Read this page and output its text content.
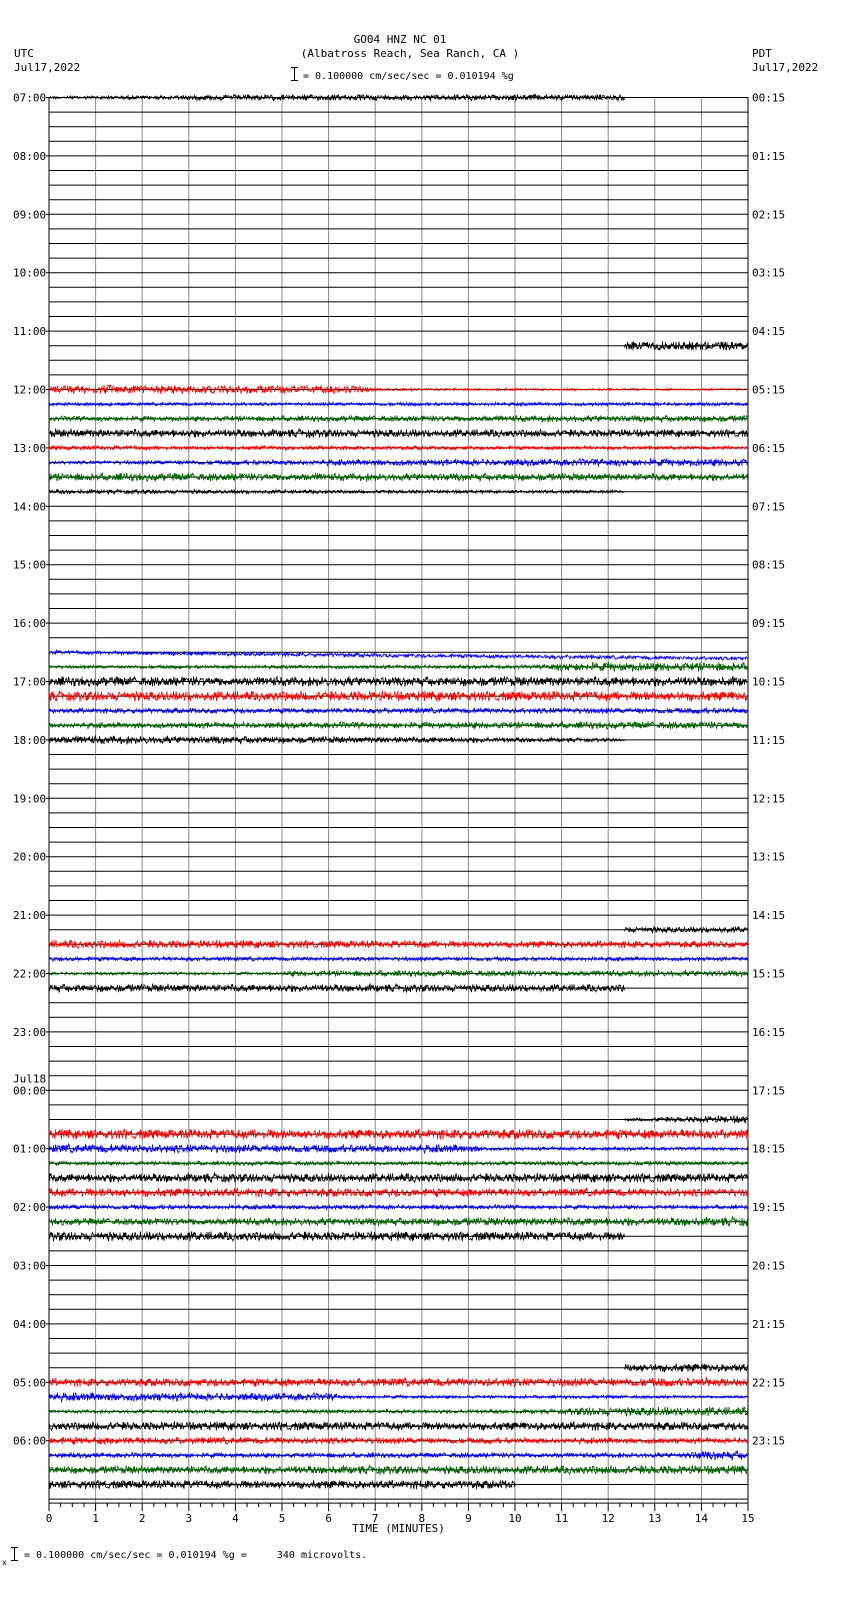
GO04 HNZ NC 01
(Albatross Reach, Sea Ranch, CA )
UTC
Jul17,2022
PDT
Jul17,2022
= 0.100000 cm/sec/sec = 0.010194 %g
07:00
08:00
09:00
10:00
11:00
12:00
13:00
14:00
15:00
16:00
17:00
18:00
19:00
20:00
21:00
22:00
23:00
00:00
01:00
02:00
03:00
04:00
05:00
06:00
Jul18
00:15
01:15
02:15
03:15
04:15
05:15
06:15
07:15
08:15
09:15
10:15
11:15
12:15
13:15
14:15
15:15
16:15
17:15
18:15
19:15
20:15
21:15
22:15
23:15
0	1	2	3	4	5	6	7	8	9	10	11	12	13	14	15
TIME (MINUTES)
x
= 0.100000 cm/sec/sec = 0.010194 %g =     340 microvolts.
